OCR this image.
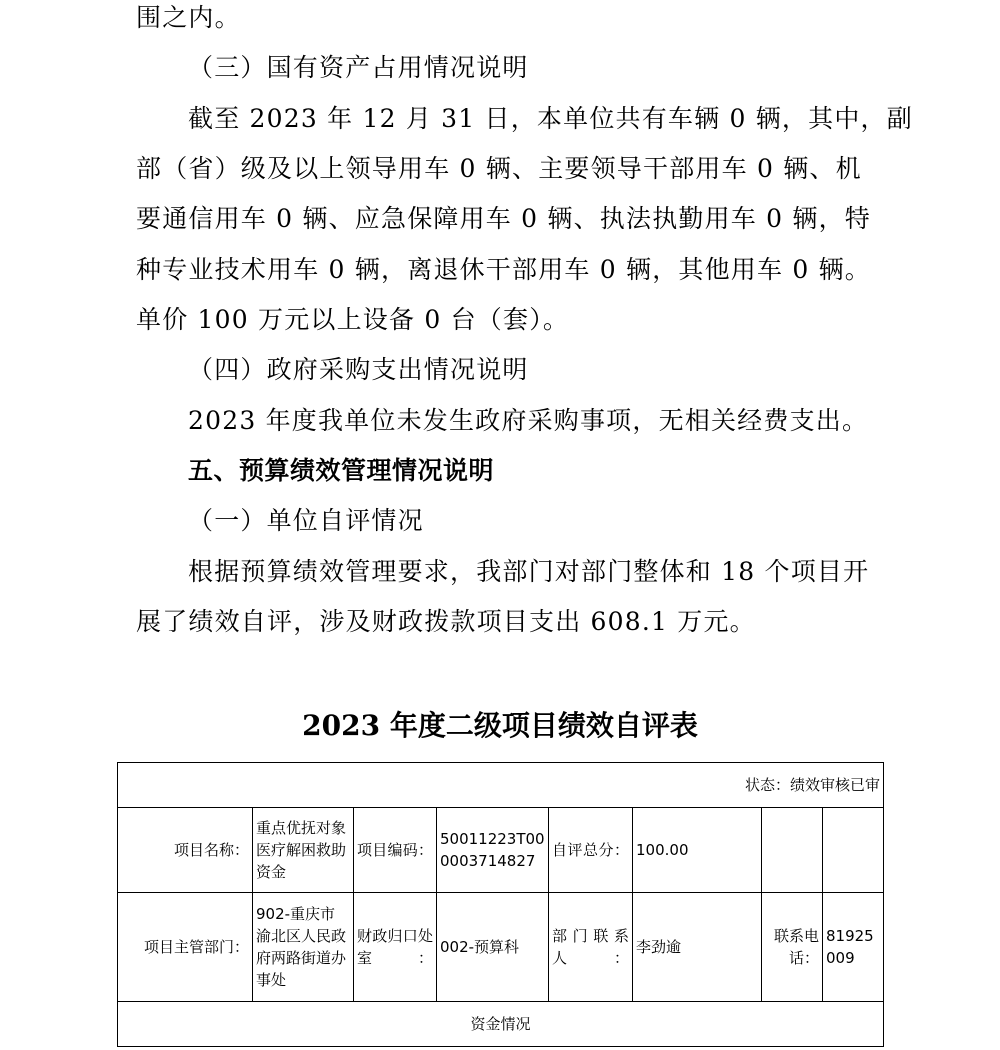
围之内。
（三）国有资产占用情况说明
截至 2023 年 12 月 31 日，本单位共有车辆 0 辆，其中，副
部（省）级及以上领导用车 0 辆、主要领导干部用车 0 辆、机
要通信用车 0 辆、应急保障用车 0 辆、执法执勤用车 0 辆，特
种专业技术用车 0 辆，离退休干部用车 0 辆，其他用车 0 辆。
单价 100 万元以上设备 0 台（套）。
（四）政府采购支出情况说明
2023 年度我单位未发生政府采购事项，无相关经费支出。
五、预算绩效管理情况说明
（一）单位自评情况
根据预算绩效管理要求，我部门对部门整体和 18 个项目开
展了绩效自评，涉及财政拨款项目支出 608.1 万元。
2023 年度二级项目绩效自评表
状态：绩效审核已审							
项目名称：	重点优抚对象医疗解困救助资金	项目编码：	50011223T000003714827	自评总分：	100.00		
项目主管部门：	902-重庆市渝北区人民政府两路街道办事处	财政归口处室：	002-预算科	部门联系人：	李劲逾	联系电话：	81925009
资金情况							
